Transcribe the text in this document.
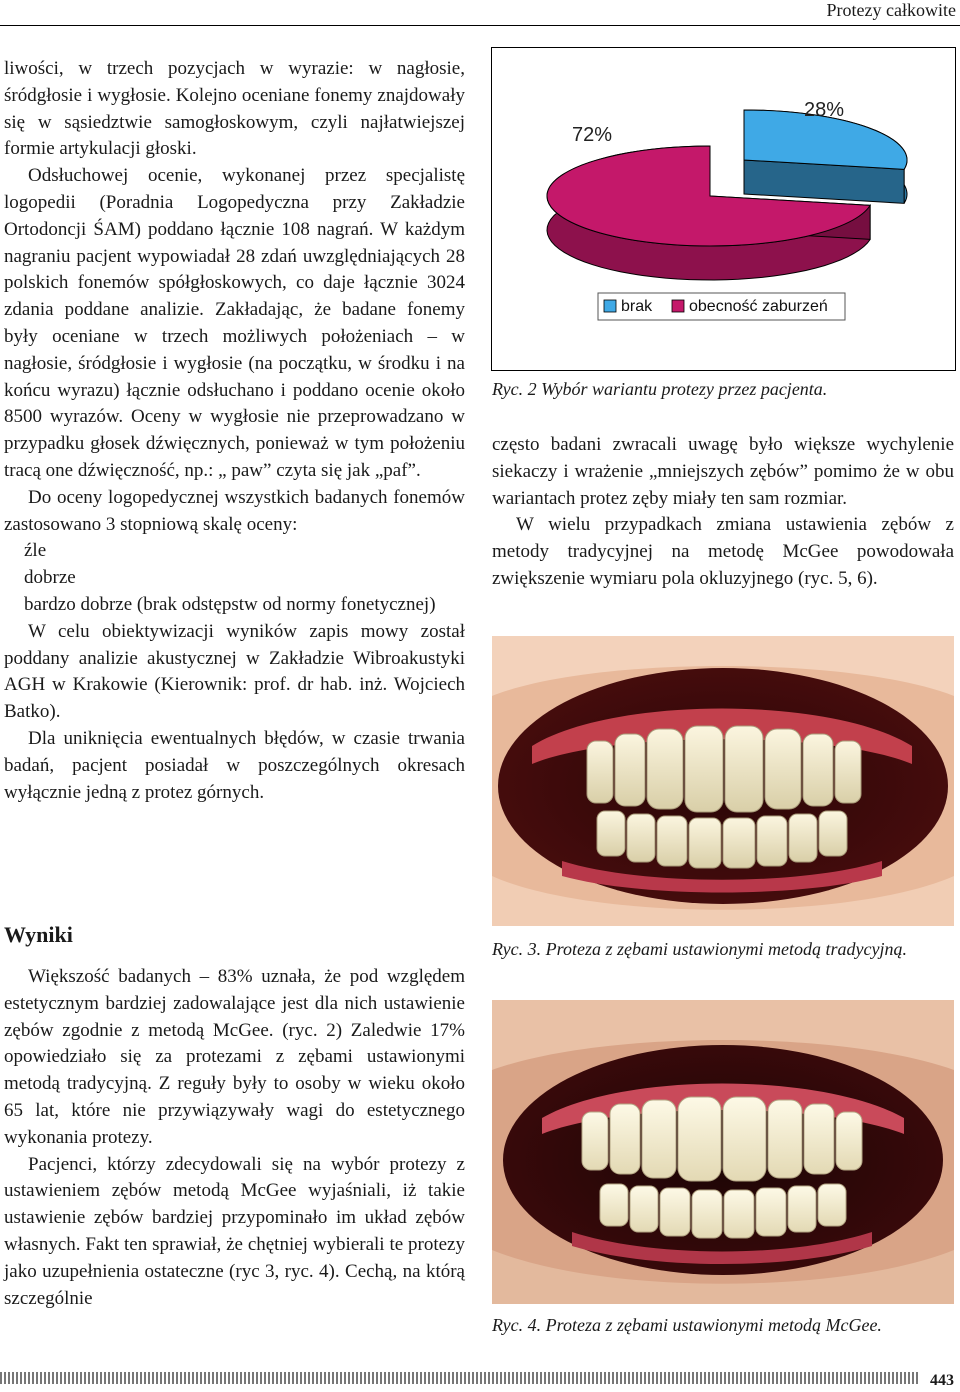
Protezy całkowite

liwości, w trzech pozycjach w wyrazie: w nagłosie, śródgłosie i wygłosie. Kolejno oceniane fonemy znajdowały się w sąsiedztwie samogłoskowym, czyli najłatwiejszej formie artykulacji głoski.

Odsłuchowej ocenie, wykonanej przez specjalistę logopedii (Poradnia Logopedyczna przy Zakładzie Ortodoncji ŚAM) poddano łącznie 108 nagrań. W każdym nagraniu pacjent wypowiadał 28 zdań uwzględniających 28 polskich fonemów spółgłoskowych, co daje łącznie 3024 zdania poddane analizie. Zakładając, że badane fonemy były oceniane w trzech możliwych położeniach – w nagłosie, śródgłosie i wygłosie (na początku, w środku i na końcu wyrazu) łącznie odsłuchano i poddano ocenie około 8500 wyrazów. Oceny w wygłosie nie przeprowadzano w przypadku głosek dźwięcznych, ponieważ w tym położeniu tracą one dźwięczność, np.: „ paw” czyta się jak „paf”.

Do oceny logopedycznej wszystkich badanych fonemów zastosowano 3 stopniową skalę oceny:

źle

dobrze

bardzo dobrze (brak odstępstw od normy fonetycznej)

W celu obiektywizacji wyników zapis mowy został poddany analizie akustycznej w Zakładzie Wibroakustyki AGH w Krakowie (Kierownik: prof. dr hab. inż. Wojciech Batko).

Dla uniknięcia ewentualnych błędów, w czasie trwania badań, pacjent posiadał w poszczególnych okresach wyłącznie jedną z protez górnych.

Wyniki

Większość badanych – 83% uznała, że pod względem estetycznym bardziej zadowalające jest dla nich ustawienie zębów zgodnie z metodą McGee. (ryc. 2) Zaledwie 17% opowiedziało się za protezami z zębami ustawionymi metodą tradycyjną. Z reguły były to osoby w wieku około 65 lat, które nie przywiązywały wagi do estetycznego wykonania protezy.

Pacjenci, którzy zdecydowali się na wybór protezy z ustawieniem zębów metodą McGee wyjaśniali, iż takie ustawienie zębów bardziej przypominało im układ zębów własnych. Fakt ten sprawiał, że chętniej wybierali te protezy jako uzupełnienia ostateczne (ryc 3, ryc. 4). Cechą, na którą szczególnie

28%
72%
brak obecność zaburzeń
Ryc. 2 Wybór wariantu protezy przez pacjenta.

często badani zwracali uwagę było większe wychylenie siekaczy i wrażenie „mniejszych zębów” pomimo że w obu wariantach protez zęby miały ten sam rozmiar.

W wielu przypadkach zmiana ustawienia zębów z metody tradycyjnej na metodę McGee powodowała zwiększenie wymiaru pola okluzyjnego (ryc. 5, 6).

Ryc. 3. Proteza z zębami ustawionymi metodą tradycyjną.
Ryc. 4. Proteza z zębami ustawionymi metodą McGee.
443
